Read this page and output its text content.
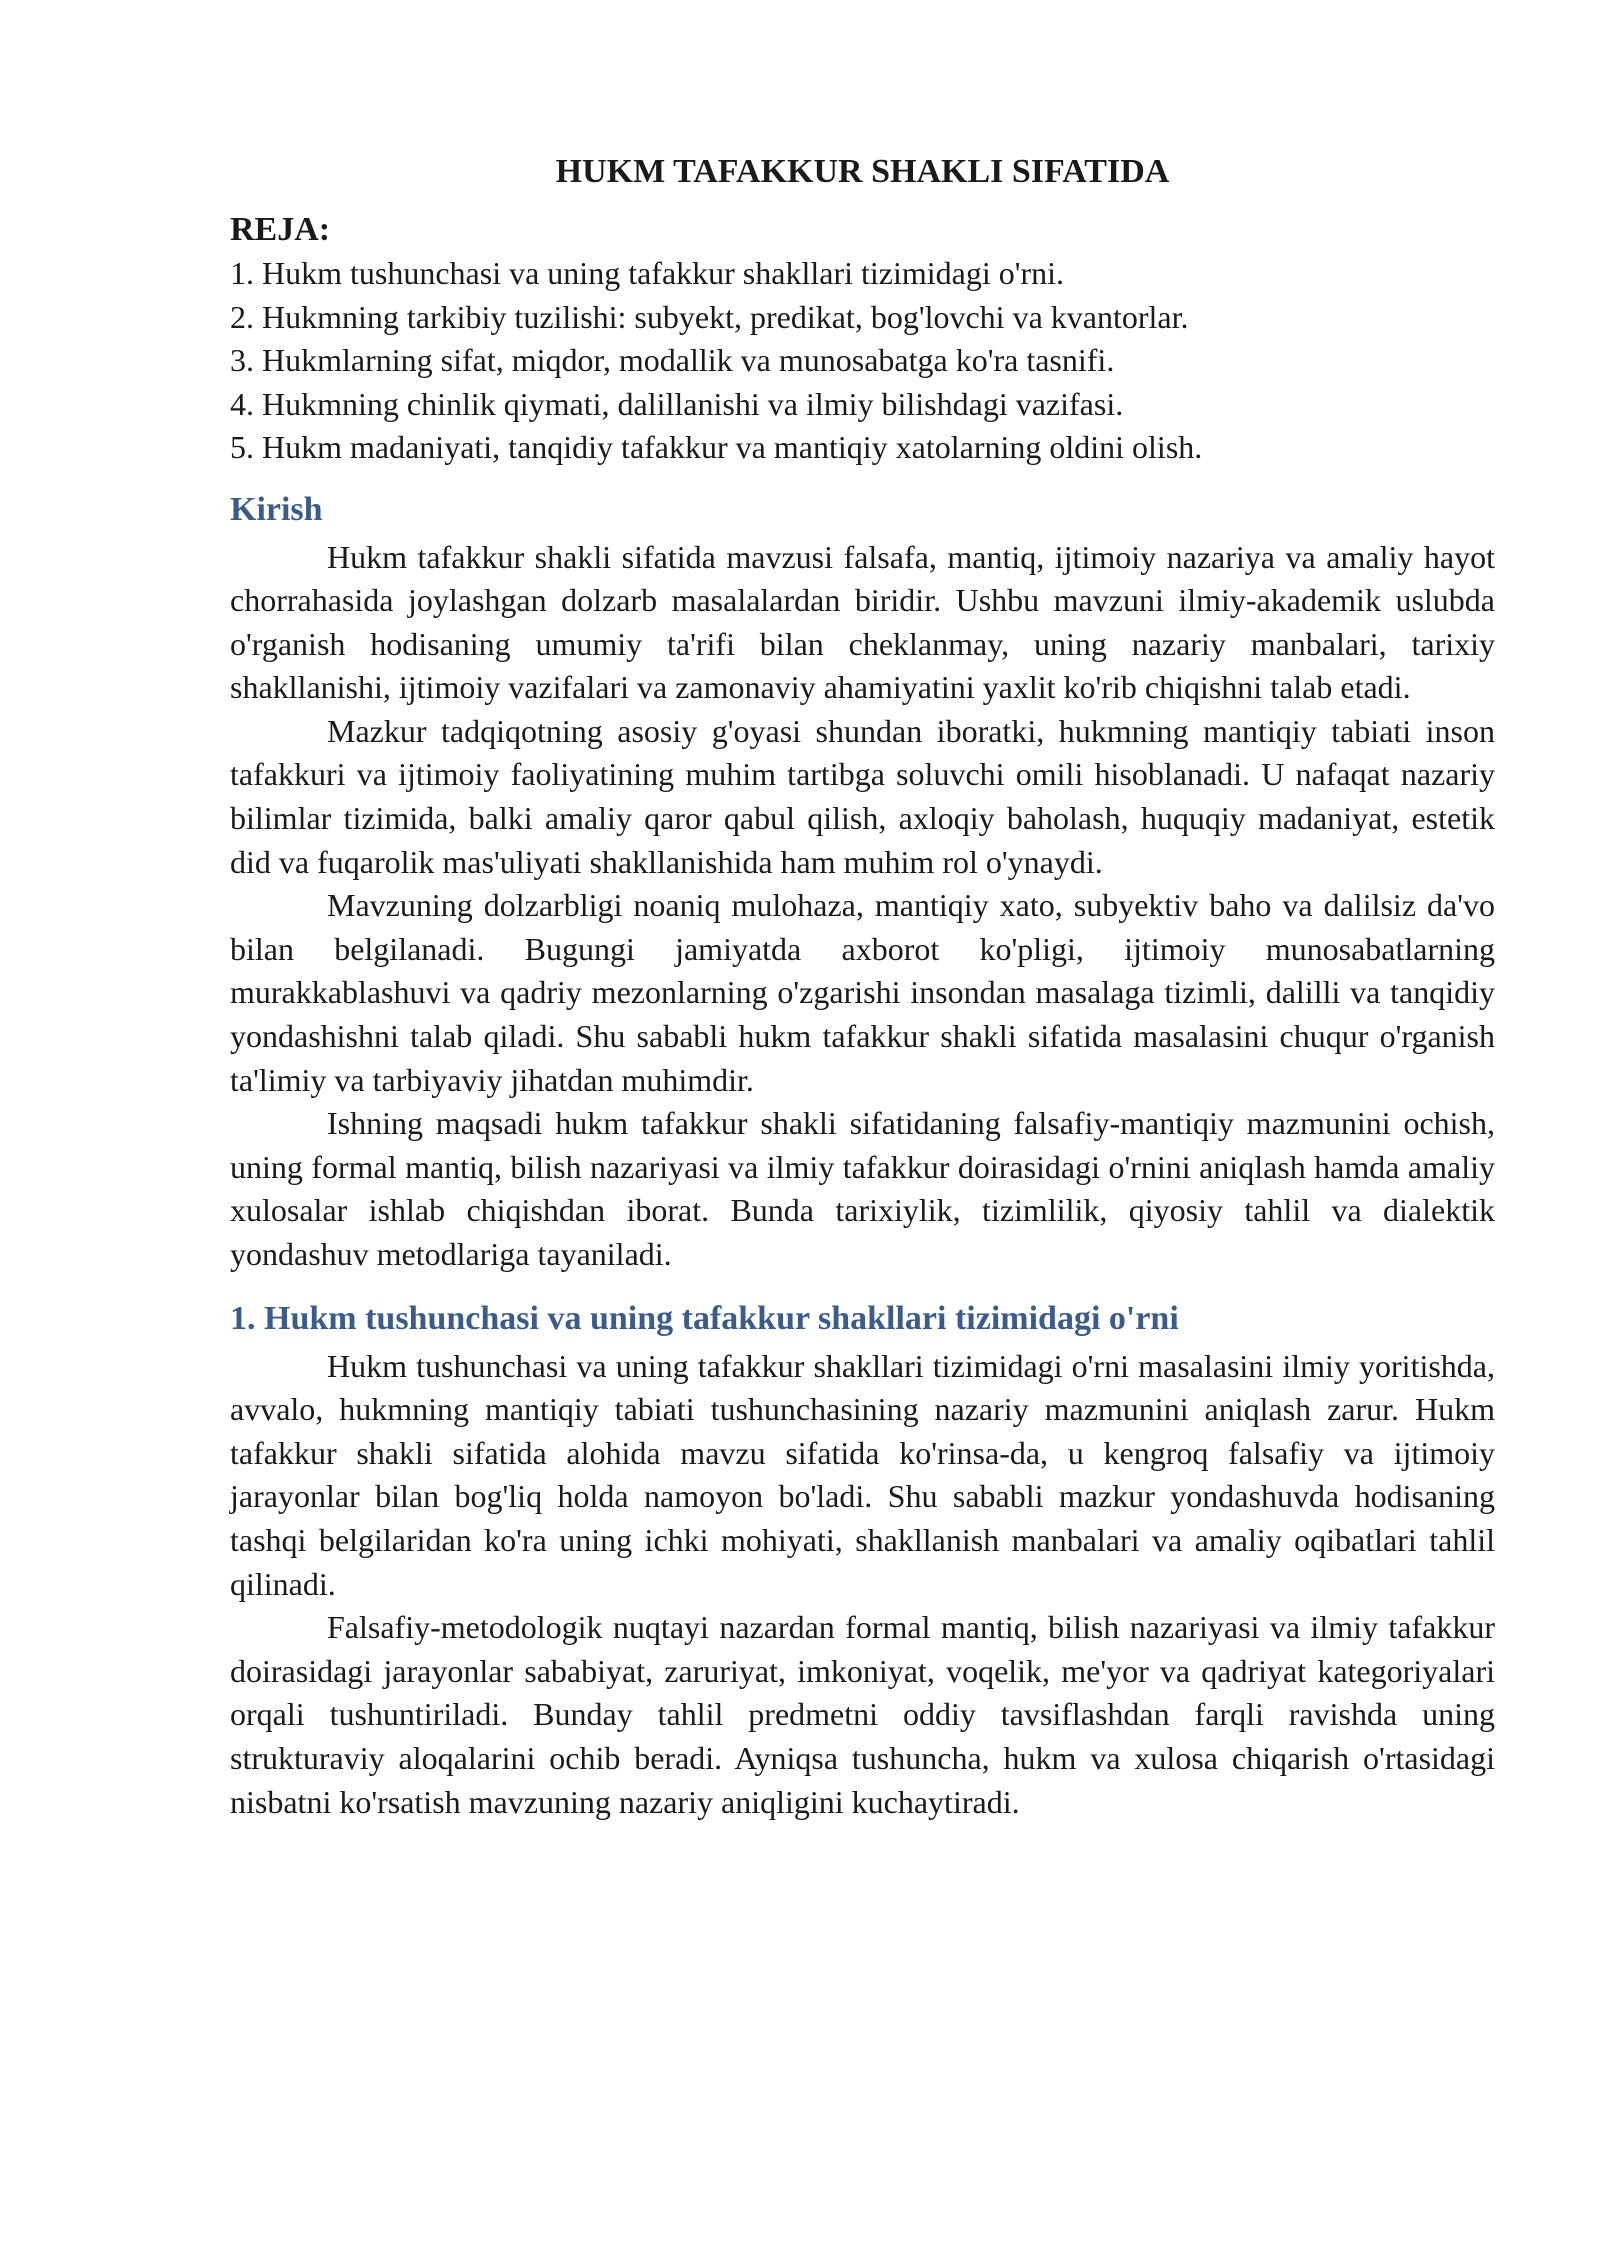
HUKM TAFAKKUR SHAKLI SIFATIDA

REJA:

1. Hukm tushunchasi va uning tafakkur shakllari tizimidagi o'rni.
2. Hukmning tarkibiy tuzilishi: subyekt, predikat, bog'lovchi va kvantorlar.
3. Hukmlarning sifat, miqdor, modallik va munosabatga ko'ra tasnifi.
4. Hukmning chinlik qiymati, dalillanishi va ilmiy bilishdagi vazifasi.
5. Hukm madaniyati, tanqidiy tafakkur va mantiqiy xatolarning oldini olish.
Kirish

Hukm tafakkur shakli sifatida mavzusi falsafa, mantiq, ijtimoiy nazariya va amaliy hayot chorrahasida joylashgan dolzarb masalalardan biridir. Ushbu mavzuni ilmiy-akademik uslubda o'rganish hodisaning umumiy ta'rifi bilan cheklanmay, uning nazariy manbalari, tarixiy shakllanishi, ijtimoiy vazifalari va zamonaviy ahamiyatini yaxlit ko'rib chiqishni talab etadi.

Mazkur tadqiqotning asosiy g'oyasi shundan iboratki, hukmning mantiqiy tabiati inson tafakkuri va ijtimoiy faoliyatining muhim tartibga soluvchi omili hisoblanadi. U nafaqat nazariy bilimlar tizimida, balki amaliy qaror qabul qilish, axloqiy baholash, huquqiy madaniyat, estetik did va fuqarolik mas'uliyati shakllanishida ham muhim rol o'ynaydi.

Mavzuning dolzarbligi noaniq mulohaza, mantiqiy xato, subyektiv baho va dalilsiz da'vo bilan belgilanadi. Bugungi jamiyatda axborot ko'pligi, ijtimoiy munosabatlarning murakkablashuvi va qadriy mezonlarning o'zgarishi insondan masalaga tizimli, dalilli va tanqidiy yondashishni talab qiladi. Shu sababli hukm tafakkur shakli sifatida masalasini chuqur o'rganish ta'limiy va tarbiyaviy jihatdan muhimdir.

Ishning maqsadi hukm tafakkur shakli sifatidaning falsafiy-mantiqiy mazmunini ochish, uning formal mantiq, bilish nazariyasi va ilmiy tafakkur doirasidagi o'rnini aniqlash hamda amaliy xulosalar ishlab chiqishdan iborat. Bunda tarixiylik, tizimlilik, qiyosiy tahlil va dialektik yondashuv metodlariga tayaniladi.

1. Hukm tushunchasi va uning tafakkur shakllari tizimidagi o'rni

Hukm tushunchasi va uning tafakkur shakllari tizimidagi o'rni masalasini ilmiy yoritishda, avvalo, hukmning mantiqiy tabiati tushunchasining nazariy mazmunini aniqlash zarur. Hukm tafakkur shakli sifatida alohida mavzu sifatida ko'rinsa-da, u kengroq falsafiy va ijtimoiy jarayonlar bilan bog'liq holda namoyon bo'ladi. Shu sababli mazkur yondashuvda hodisaning tashqi belgilaridan ko'ra uning ichki mohiyati, shakllanish manbalari va amaliy oqibatlari tahlil qilinadi.

Falsafiy-metodologik nuqtayi nazardan formal mantiq, bilish nazariyasi va ilmiy tafakkur doirasidagi jarayonlar sababiyat, zaruriyat, imkoniyat, voqelik, me'yor va qadriyat kategoriyalari orqali tushuntiriladi. Bunday tahlil predmetni oddiy tavsiflashdan farqli ravishda uning strukturaviy aloqalarini ochib beradi. Ayniqsa tushuncha, hukm va xulosa chiqarish o'rtasidagi nisbatni ko'rsatish mavzuning nazariy aniqligini kuchaytiradi.
